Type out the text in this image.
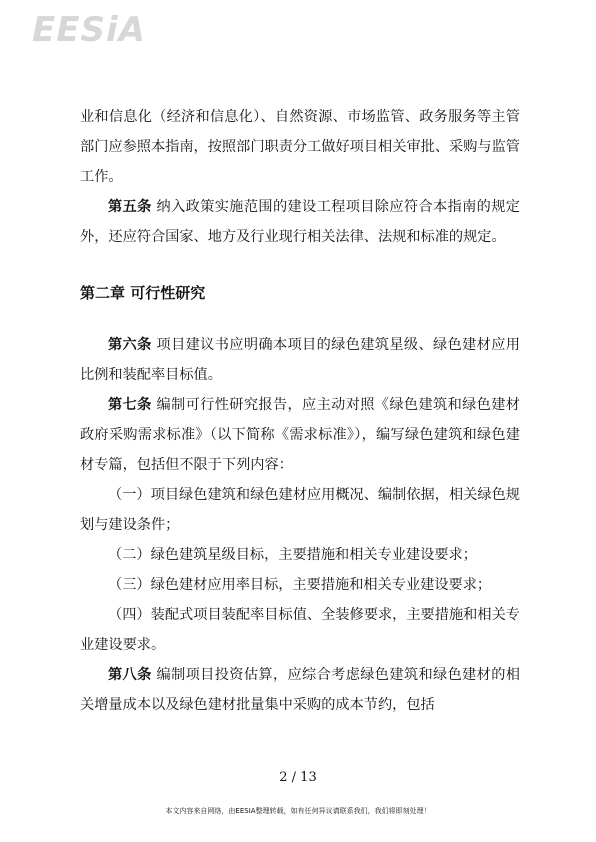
EESiA

业和信息化（经济和信息化）、自然资源、市场监管、政务服务等主管部门应参照本指南，按照部门职责分工做好项目相关审批、采购与监管工作。

第五条 纳入政策实施范围的建设工程项目除应符合本指南的规定外，还应符合国家、地方及行业现行相关法律、法规和标准的规定。

第二章 可行性研究

第六条 项目建议书应明确本项目的绿色建筑星级、绿色建材应用比例和装配率目标值。

第七条 编制可行性研究报告，应主动对照《绿色建筑和绿色建材政府采购需求标准》（以下简称《需求标准》），编写绿色建筑和绿色建材专篇，包括但不限于下列内容：

（一）项目绿色建筑和绿色建材应用概况、编制依据，相关绿色规划与建设条件；

（二）绿色建筑星级目标，主要措施和相关专业建设要求；

（三）绿色建材应用率目标，主要措施和相关专业建设要求；

（四）装配式项目装配率目标值、全装修要求，主要措施和相关专业建设要求。

第八条 编制项目投资估算，应综合考虑绿色建筑和绿色建材的相关增量成本以及绿色建材批量集中采购的成本节约，包括

2 / 13
本文内容来自网络，由EESIA整理转载，如有任何异议请联系我们，我们将即刻处理！
